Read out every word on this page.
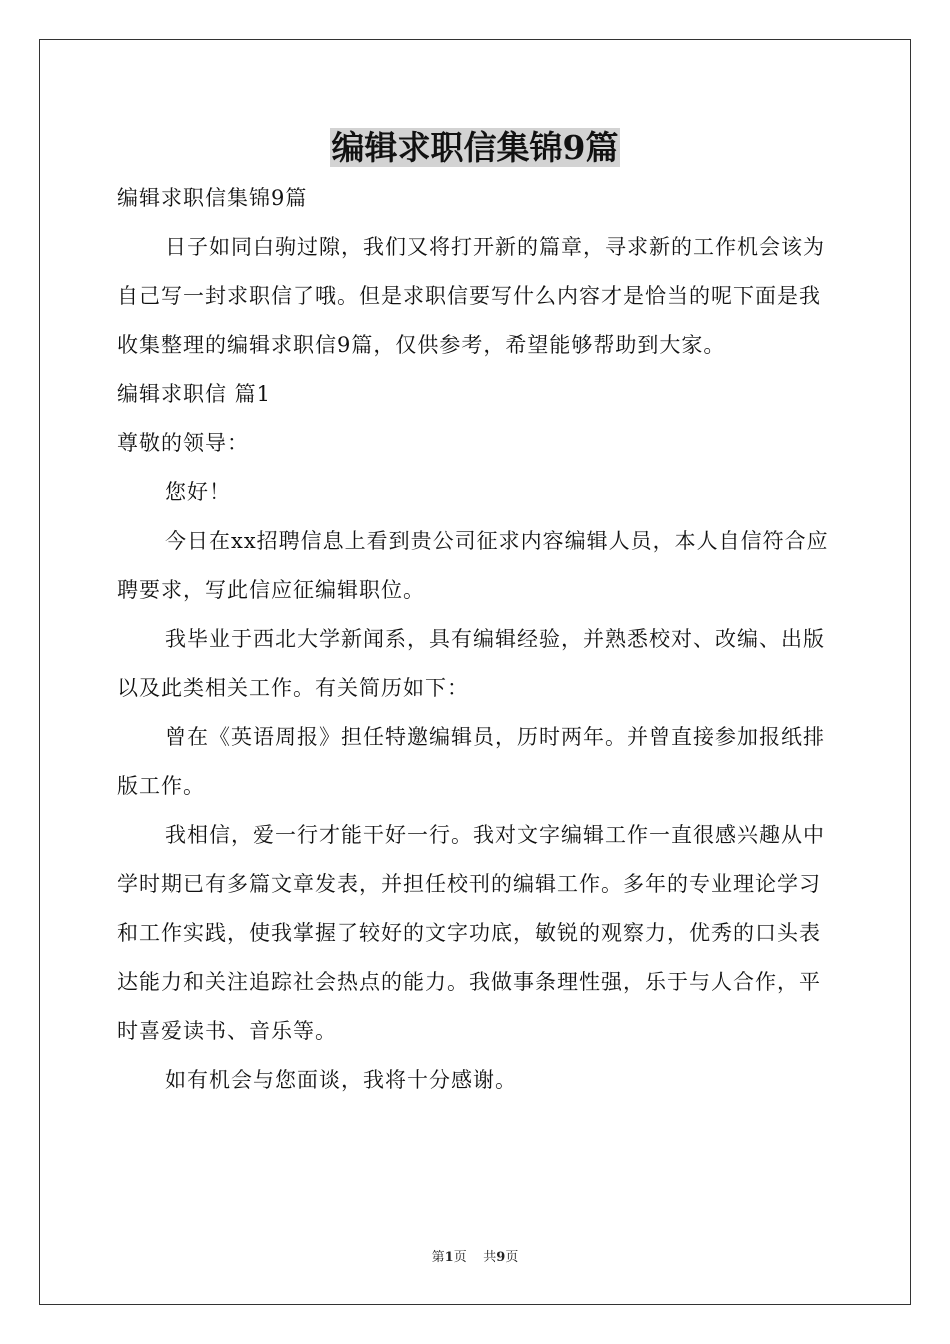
编辑求职信集锦9篇

编辑求职信集锦9篇

日子如同白驹过隙，我们又将打开新的篇章，寻求新的工作机会该为自己写一封求职信了哦。但是求职信要写什么内容才是恰当的呢下面是我收集整理的编辑求职信9篇，仅供参考，希望能够帮助到大家。

编辑求职信 篇1

尊敬的领导：

您好！

今日在xx招聘信息上看到贵公司征求内容编辑人员，本人自信符合应聘要求，写此信应征编辑职位。

我毕业于西北大学新闻系，具有编辑经验，并熟悉校对、改编、出版以及此类相关工作。有关简历如下：

曾在《英语周报》担任特邀编辑员，历时两年。并曾直接参加报纸排版工作。

我相信，爱一行才能干好一行。我对文字编辑工作一直很感兴趣从中学时期已有多篇文章发表，并担任校刊的编辑工作。多年的专业理论学习和工作实践，使我掌握了较好的文字功底，敏锐的观察力，优秀的口头表达能力和关注追踪社会热点的能力。我做事条理性强，乐于与人合作，平时喜爱读书、音乐等。

如有机会与您面谈，我将十分感谢。

第1页 共9页
